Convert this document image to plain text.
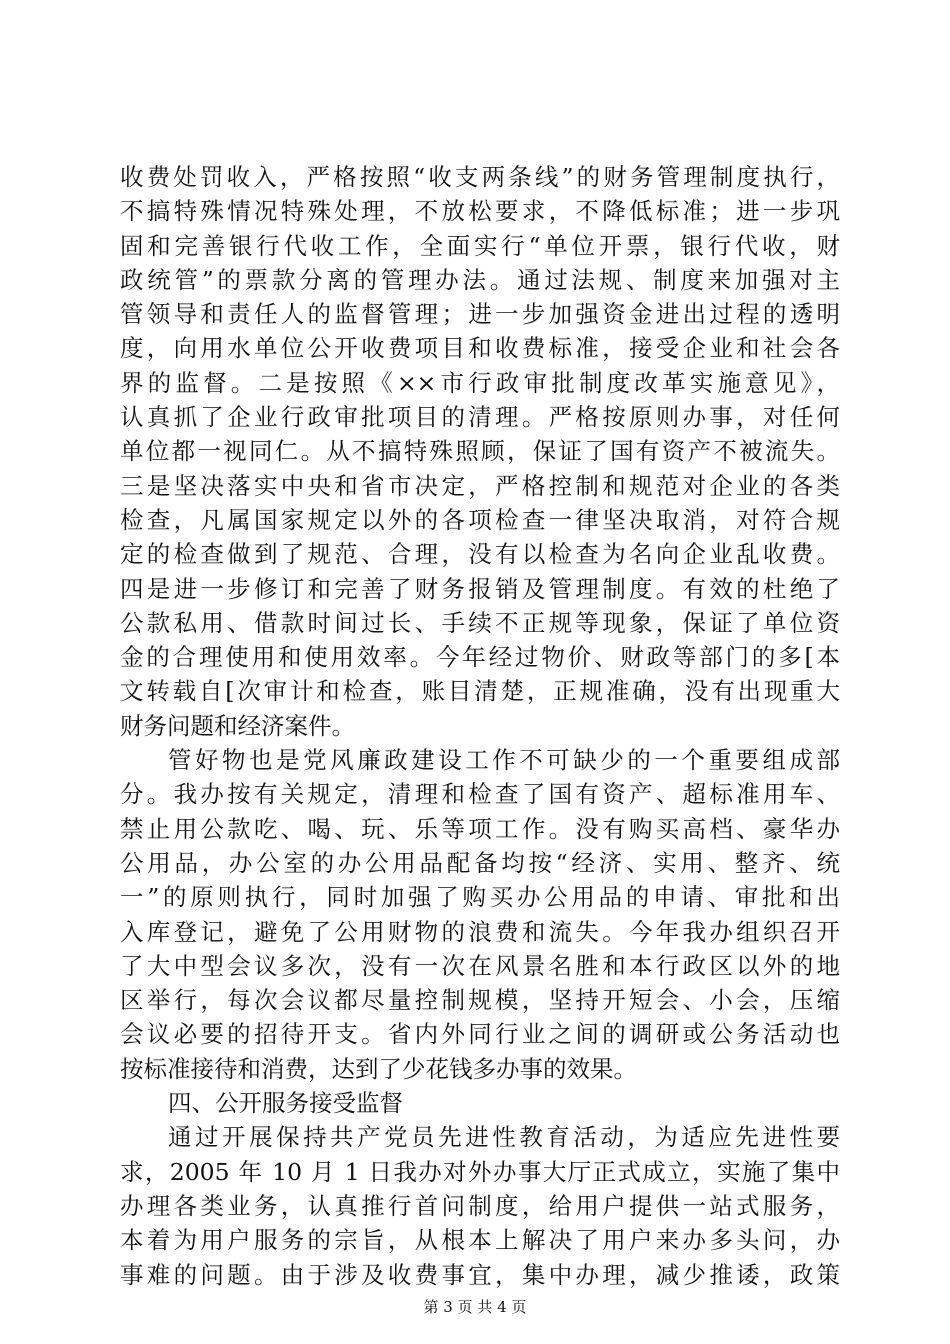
收费处罚收入，严格按照“收支两条线”的财务管理制度执行，
不搞特殊情况特殊处理，不放松要求，不降低标准；进一步巩
固和完善银行代收工作，全面实行“单位开票，银行代收，财
政统管”的票款分离的管理办法。通过法规、制度来加强对主
管领导和责任人的监督管理；进一步加强资金进出过程的透明
度，向用水单位公开收费项目和收费标准，接受企业和社会各
界的监督。二是按照《××市行政审批制度改革实施意见》，
认真抓了企业行政审批项目的清理。严格按原则办事，对任何
单位都一视同仁。从不搞特殊照顾，保证了国有资产不被流失。
三是坚决落实中央和省市决定，严格控制和规范对企业的各类
检查，凡属国家规定以外的各项检查一律坚决取消，对符合规
定的检查做到了规范、合理，没有以检查为名向企业乱收费。
四是进一步修订和完善了财务报销及管理制度。有效的杜绝了
公款私用、借款时间过长、手续不正规等现象，保证了单位资
金的合理使用和使用效率。今年经过物价、财政等部门的多[本
文转载自[次审计和检查，账目清楚，正规准确，没有出现重大
财务问题和经济案件。
管好物也是党风廉政建设工作不可缺少的一个重要组成部
分。我办按有关规定，清理和检查了国有资产、超标准用车、
禁止用公款吃、喝、玩、乐等项工作。没有购买高档、豪华办
公用品，办公室的办公用品配备均按“经济、实用、整齐、统
一”的原则执行，同时加强了购买办公用品的申请、审批和出
入库登记，避免了公用财物的浪费和流失。今年我办组织召开
了大中型会议多次，没有一次在风景名胜和本行政区以外的地
区举行，每次会议都尽量控制规模，坚持开短会、小会，压缩
会议必要的招待开支。省内外同行业之间的调研或公务活动也
按标准接待和消费，达到了少花钱多办事的效果。
四、公开服务接受监督
通过开展保持共产党员先进性教育活动，为适应先进性要
求，2005 年 10 月 1 日我办对外办事大厅正式成立，实施了集中
办理各类业务，认真推行首问制度，给用户提供一站式服务，
本着为用户服务的宗旨，从根本上解决了用户来办多头问，办
事难的问题。由于涉及收费事宜，集中办理，减少推诿，政策
第 3 页 共 4 页
